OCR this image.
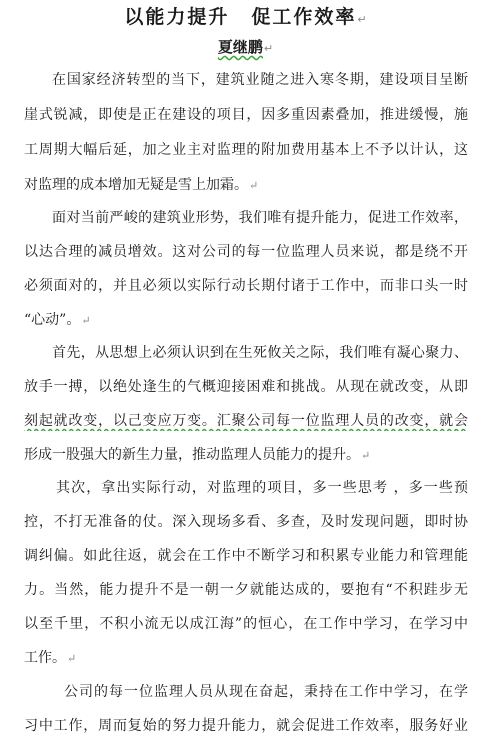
以能力提升 促工作效率↵
夏继鹏↵
在国家经济转型的当下，建筑业随之进入寒冬期，建设项目呈断
崖式锐减，即使是正在建设的项目，因多重因素叠加，推进缓慢，施
工周期大幅后延，加之业主对监理的附加费用基本上不予以计认，这
对监理的成本增加无疑是雪上加霜。↵
面对当前严峻的建筑业形势，我们唯有提升能力，促进工作效率，
以达合理的减员增效。这对公司的每一位监理人员来说，都是绕不开
必须面对的，并且必须以实际行动长期付诸于工作中，而非口头一时
“心动”。↵
首先，从思想上必须认识到在生死攸关之际，我们唯有凝心聚力、
放手一搏，以绝处逢生的气概迎接困难和挑战。从现在就改变，从即
刻起就改变，以己变应万变。汇聚公司每一位监理人员的改变，就会
形成一股强大的新生力量，推动监理人员能力的提升。↵
其次，拿出实际行动，对监理的项目，多一些思考 ，多一些预
控，不打无准备的仗。深入现场多看、多查，及时发现问题，即时协
调纠偏。如此往返，就会在工作中不断学习和积累专业能力和管理能
力。当然，能力提升不是一朝一夕就能达成的，要抱有“不积跬步无
以至千里，不积小流无以成江海”的恒心，在工作中学习，在学习中
工作。↵
公司的每一位监理人员从现在奋起，秉持在工作中学习，在学
习中工作，周而复始的努力提升能力，就会促进工作效率，服务好业
